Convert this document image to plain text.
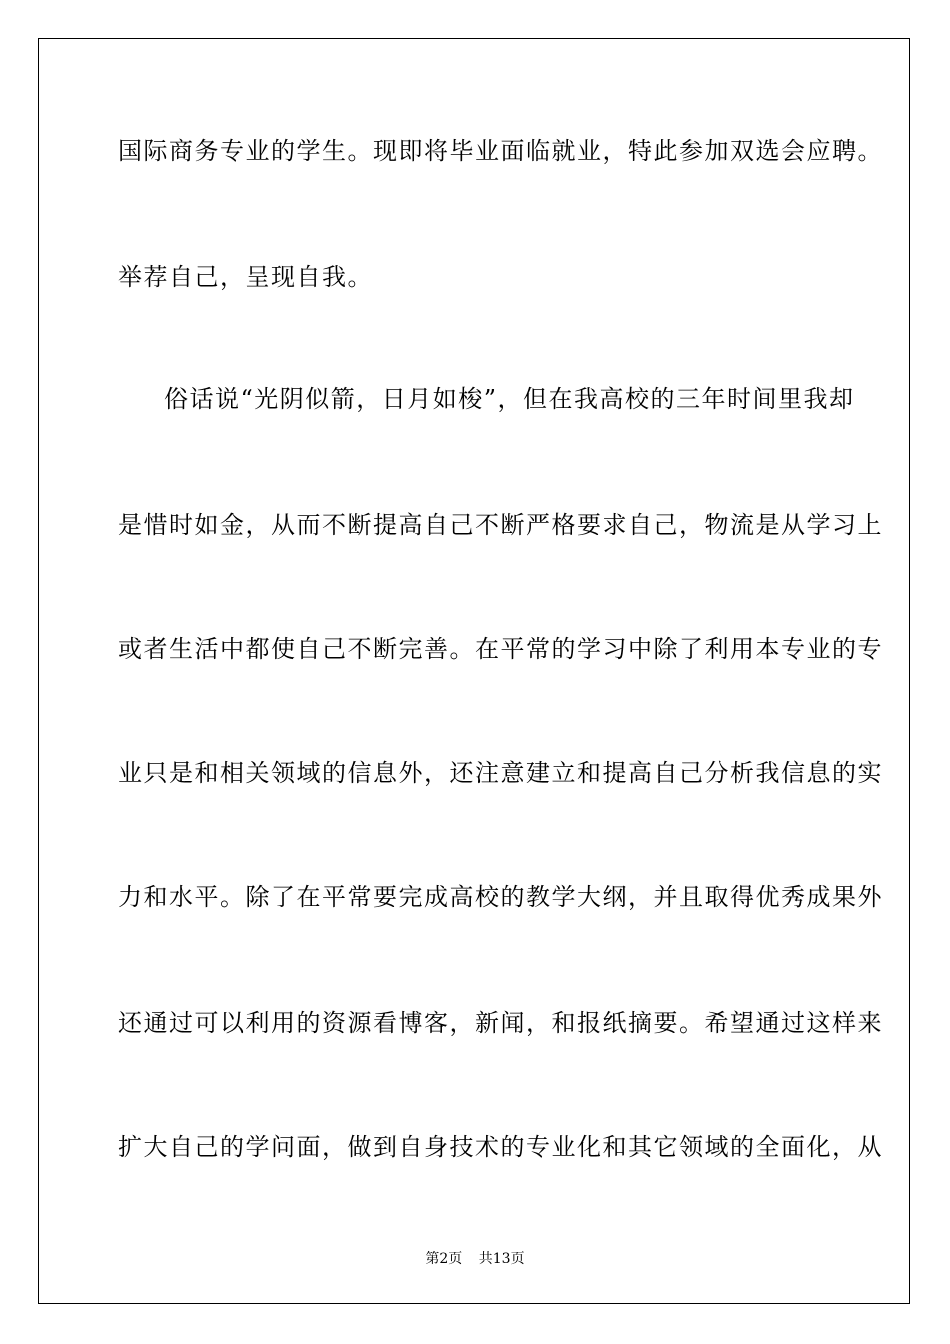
国际商务专业的学生。现即将毕业面临就业，特此参加双选会应聘。
举荐自己，呈现自我。
俗话说“光阴似箭，日月如梭”，但在我高校的三年时间里我却
是惜时如金，从而不断提高自己不断严格要求自己，物流是从学习上
或者生活中都使自己不断完善。在平常的学习中除了利用本专业的专
业只是和相关领域的信息外，还注意建立和提高自己分析我信息的实
力和水平。除了在平常要完成高校的教学大纲，并且取得优秀成果外
还通过可以利用的资源看博客，新闻，和报纸摘要。希望通过这样来
扩大自己的学问面，做到自身技术的专业化和其它领域的全面化，从
第2页 共13页
